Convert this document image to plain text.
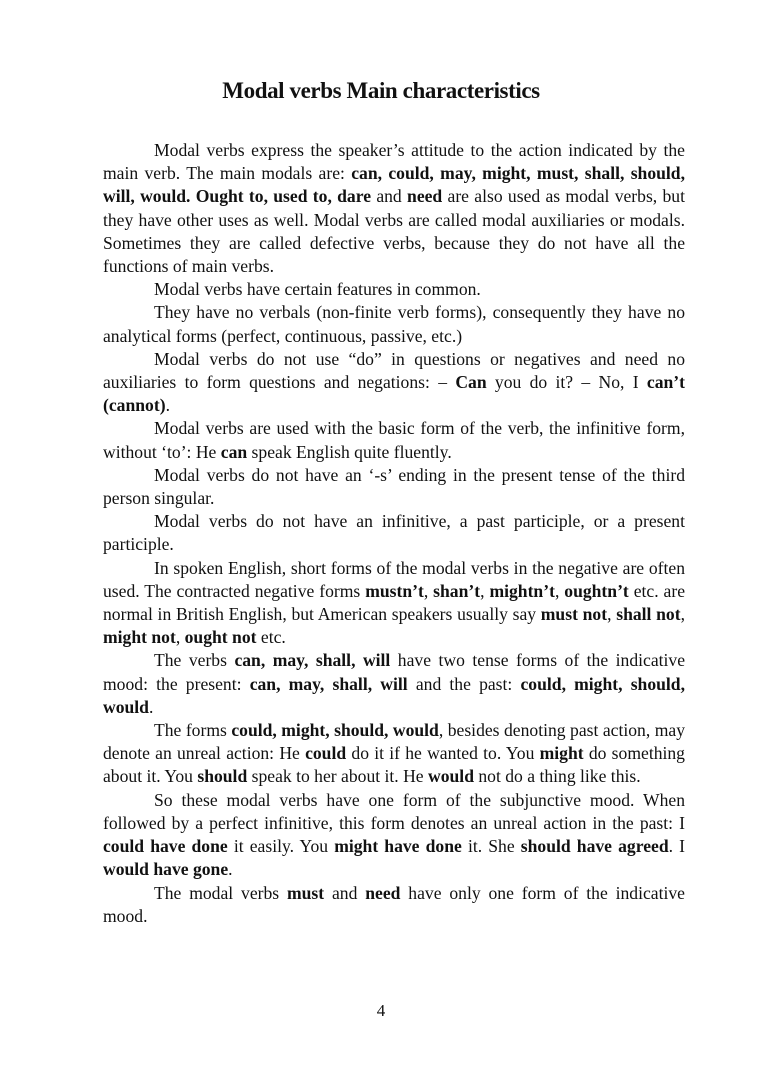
Modal verbs Main characteristics

Modal verbs express the speaker’s attitude to the action indicated by the main verb. The main modals are: can, could, may, might, must, shall, should, will, would. Ought to, used to, dare and need are also used as modal verbs, but they have other uses as well. Modal verbs are called modal auxiliaries or modals. Sometimes they are called defective verbs, because they do not have all the functions of main verbs.

Modal verbs have certain features in common.

They have no verbals (non-finite verb forms), consequently they have no analytical forms (perfect, continuous, passive, etc.)

Modal verbs do not use “do” in questions or negatives and need no auxiliaries to form questions and negations: – Can you do it? – No, I can’t (cannot).

Modal verbs are used with the basic form of the verb, the infinitive form, without ‘to’: He can speak English quite fluently.

Modal verbs do not have an ‘-s’ ending in the present tense of the third person singular.

Modal verbs do not have an infinitive, a past participle, or a present participle.

In spoken English, short forms of the modal verbs in the negative are often used. The contracted negative forms mustn’t, shan’t, mightn’t, oughtn’t etc. are normal in British English, but American speakers usually say must not, shall not, might not, ought not etc.

The verbs can, may, shall, will have two tense forms of the indicative mood: the present: can, may, shall, will and the past: could, might, should, would.

The forms could, might, should, would, besides denoting past action, may denote an unreal action: He could do it if he wanted to. You might do something about it. You should speak to her about it. He would not do a thing like this.

So these modal verbs have one form of the subjunctive mood. When followed by a perfect infinitive, this form denotes an unreal action in the past: I could have done it easily. You might have done it. She should have agreed. I would have gone.

The modal verbs must and need have only one form of the indicative mood.

4
